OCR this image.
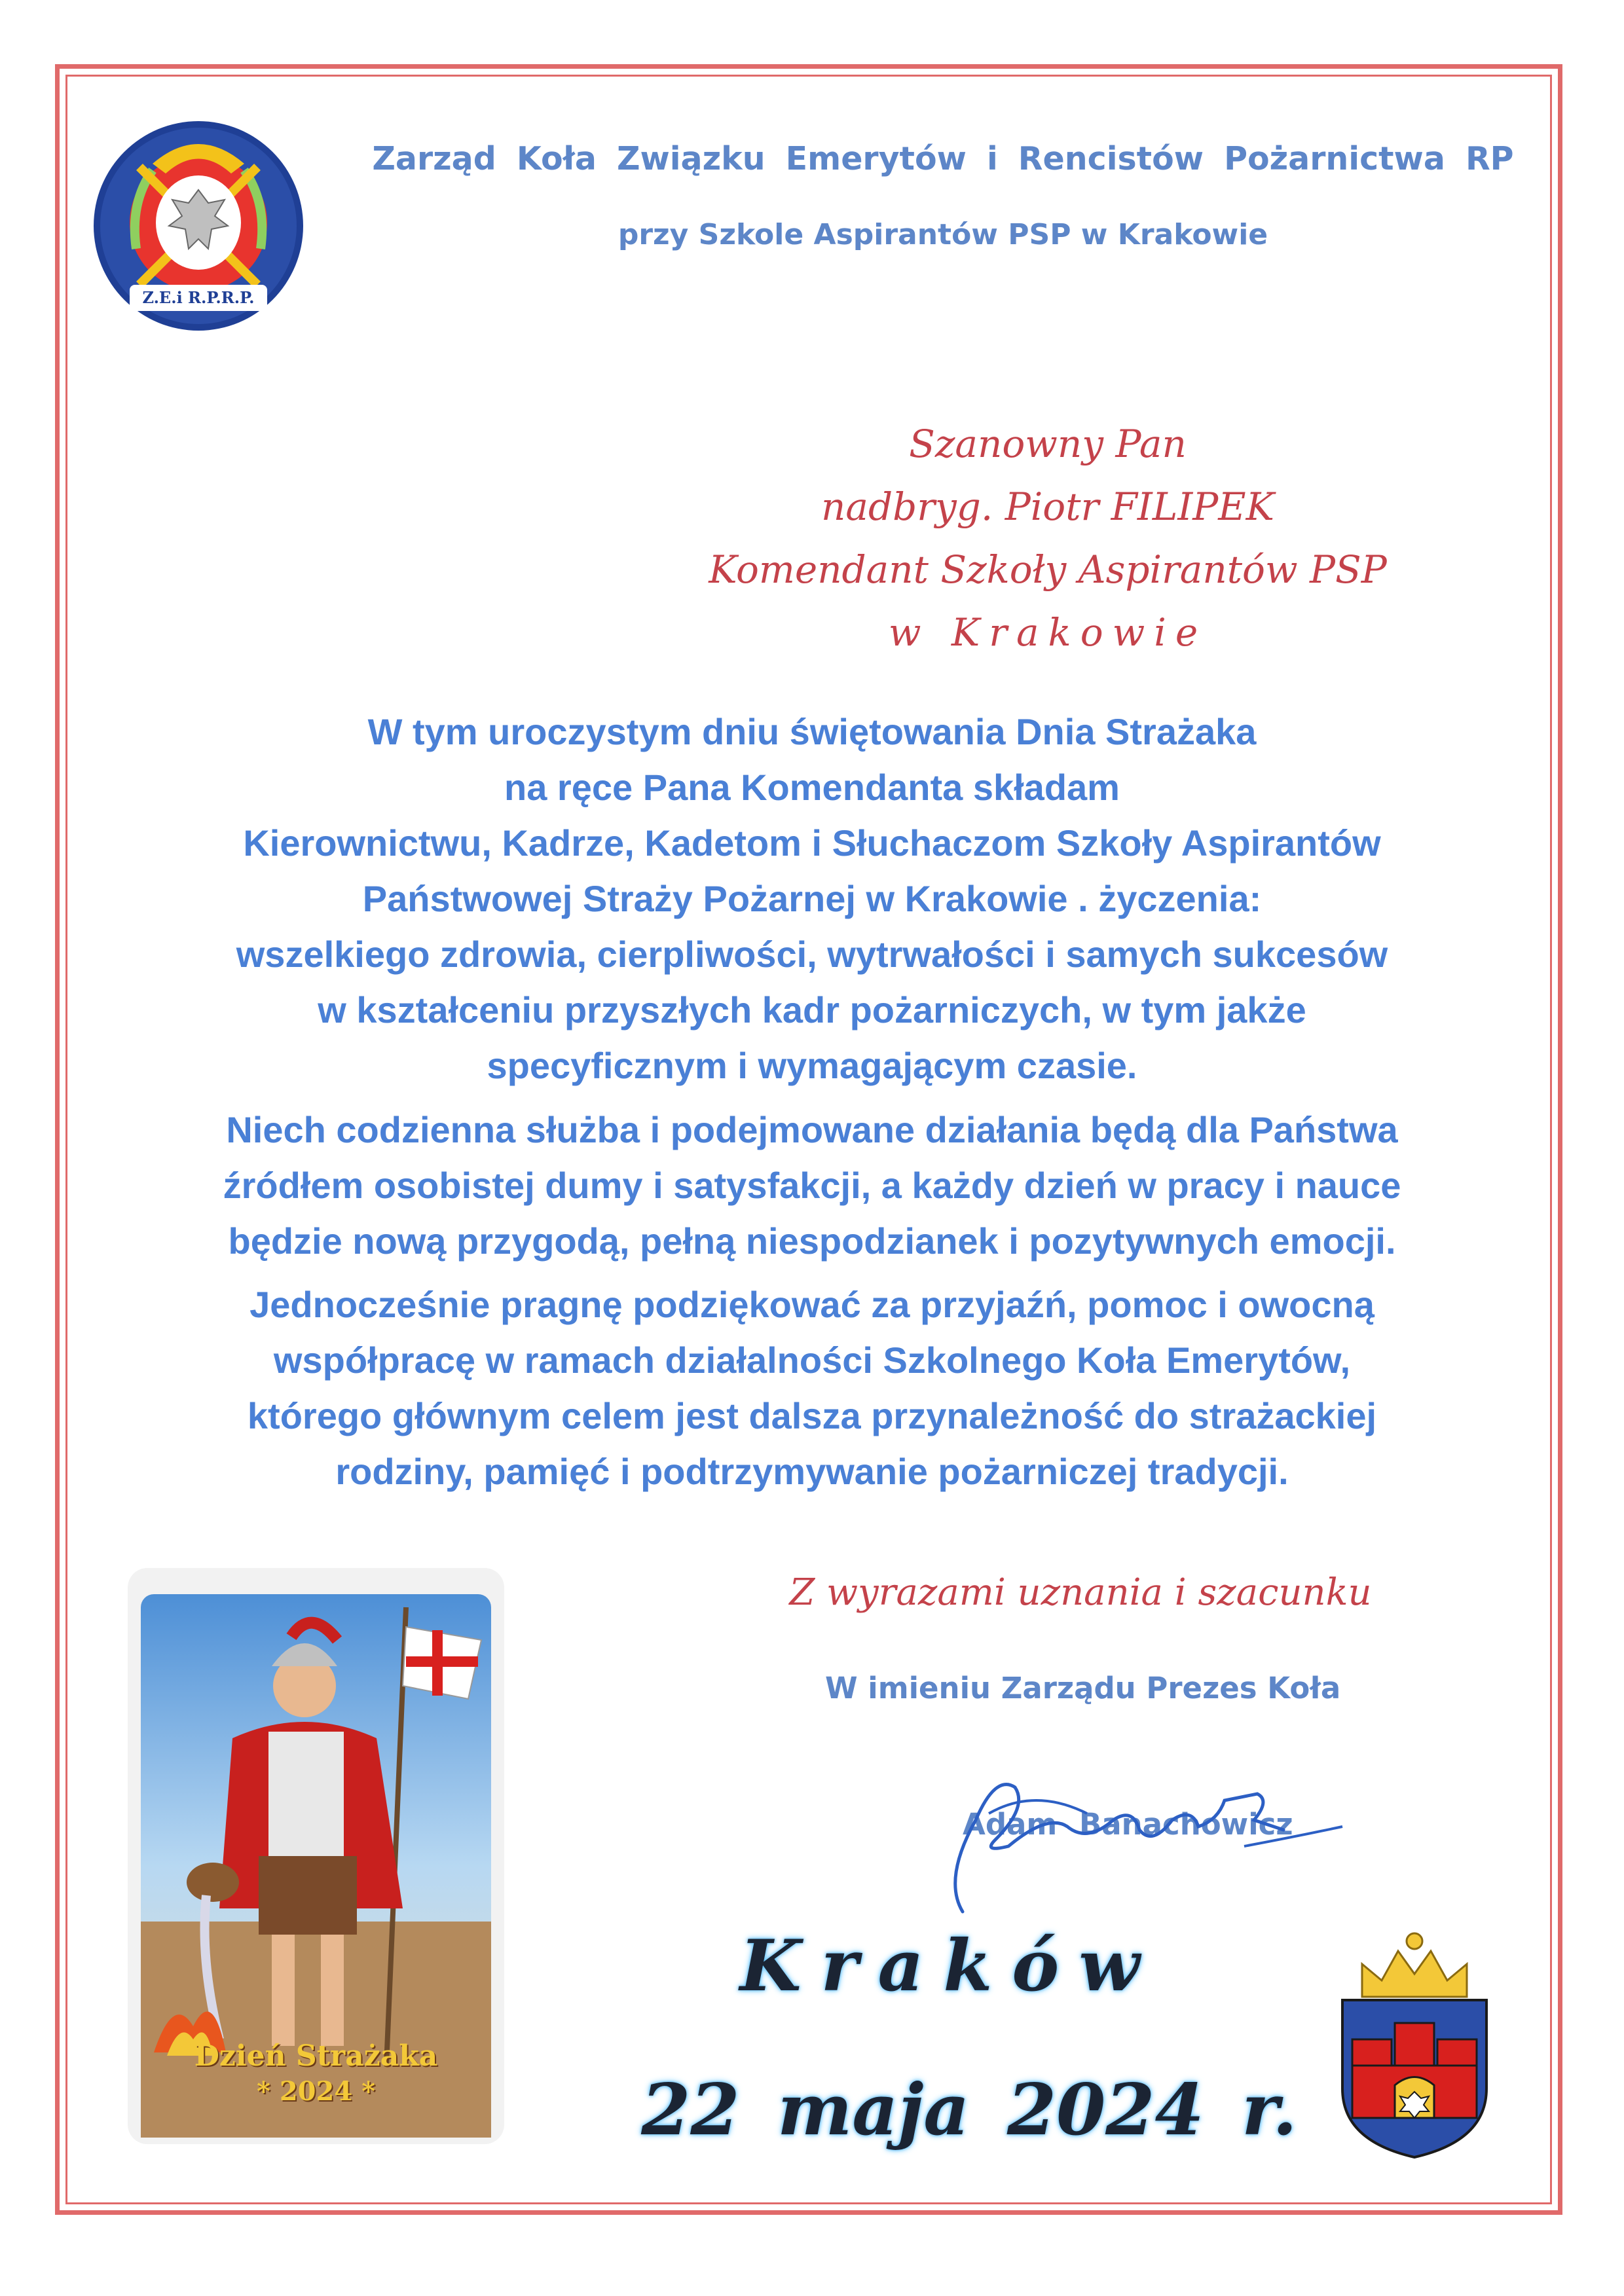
Z.E.i R.P.R.P.
Zarząd Koła Związku Emerytów i Rencistów Pożarnictwa RP
przy Szkole Aspirantów PSP w Krakowie
Szanowny Pan
nadbryg. Piotr FILIPEK
Komendant Szkoły Aspirantów PSP
w Krakowie
W tym uroczystym dniu świętowania Dnia Strażaka
na ręce Pana Komendanta składam
Kierownictwu, Kadrze, Kadetom i Słuchaczom Szkoły Aspirantów
Państwowej Straży Pożarnej w Krakowie . życzenia:
wszelkiego zdrowia, cierpliwości, wytrwałości i samych sukcesów
w kształceniu przyszłych kadr pożarniczych, w tym jakże
specyficznym i wymagającym czasie.
Niech codzienna służba i podejmowane działania będą dla Państwa
źródłem osobistej dumy i satysfakcji, a każdy dzień w pracy i nauce
będzie nową przygodą, pełną niespodzianek i pozytywnych emocji.
Jednocześnie pragnę podziękować za przyjaźń, pomoc i owocną
współpracę w ramach działalności Szkolnego Koła Emerytów,
którego głównym celem jest dalsza przynależność do strażackiej
rodziny, pamięć i podtrzymywanie pożarniczej tradycji.
Z wyrazami uznania i szacunku
W imieniu Zarządu Prezes Koła
Adam Banachowicz
Dzień Strażaka
* 2024 *
Kraków
22 maja 2024 r.
